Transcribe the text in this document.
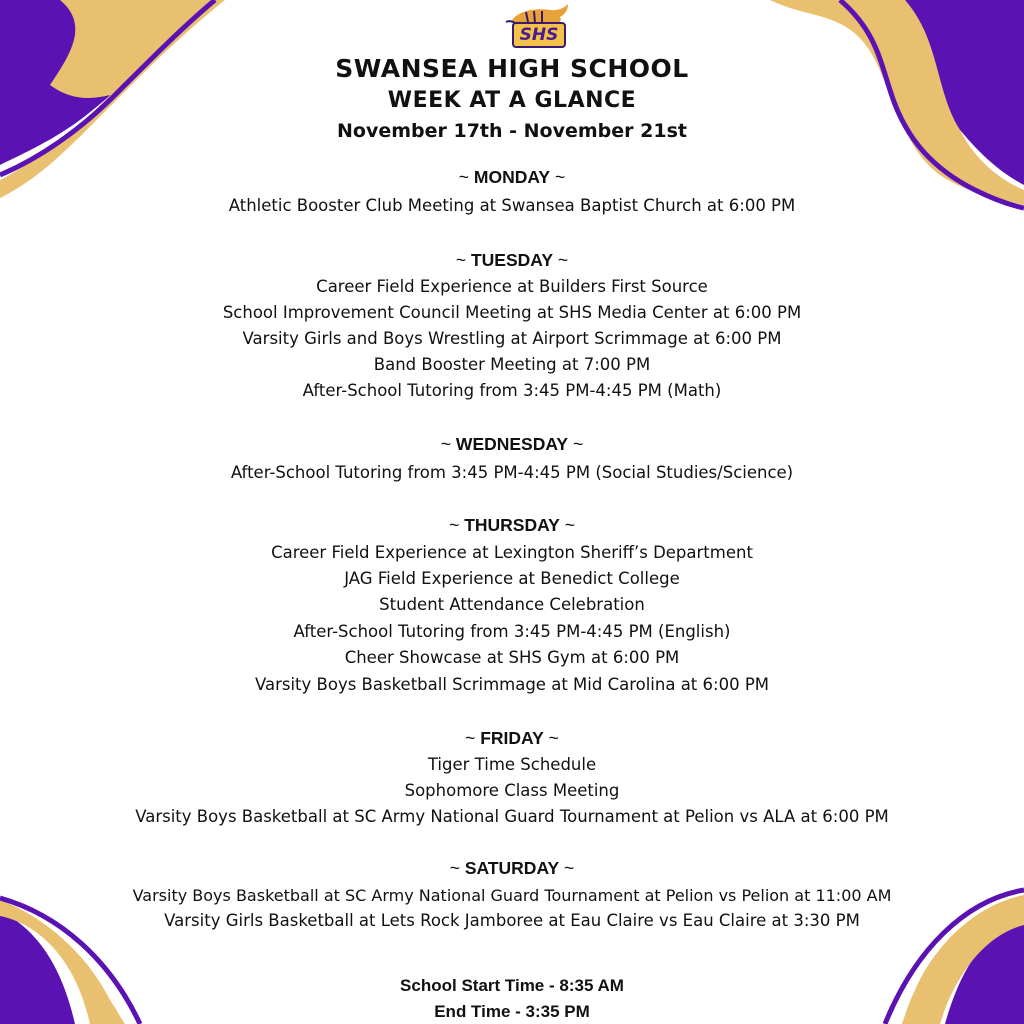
SHS
SWANSEA HIGH SCHOOL
WEEK AT A GLANCE
November 17th - November 21st
~ MONDAY ~
Athletic Booster Club Meeting at Swansea Baptist Church at 6:00 PM
~ TUESDAY ~
Career Field Experience at Builders First Source
School Improvement Council Meeting at SHS Media Center at 6:00 PM
Varsity Girls and Boys Wrestling at Airport Scrimmage at 6:00 PM
Band Booster Meeting at 7:00 PM
After-School Tutoring from 3:45 PM-4:45 PM (Math)
~ WEDNESDAY ~
After-School Tutoring from 3:45 PM-4:45 PM (Social Studies/Science)
~ THURSDAY ~
Career Field Experience at Lexington Sheriff’s Department
JAG Field Experience at Benedict College
Student Attendance Celebration
After-School Tutoring from 3:45 PM-4:45 PM (English)
Cheer Showcase at SHS Gym at 6:00 PM
Varsity Boys Basketball Scrimmage at Mid Carolina at 6:00 PM
~ FRIDAY ~
Tiger Time Schedule
Sophomore Class Meeting
Varsity Boys Basketball at SC Army National Guard Tournament at Pelion vs ALA at 6:00 PM
~ SATURDAY ~
Varsity Boys Basketball at SC Army National Guard Tournament at Pelion vs Pelion at 11:00 AM
Varsity Girls Basketball at Lets Rock Jamboree at Eau Claire vs Eau Claire at 3:30 PM
School Start Time - 8:35 AM
End Time - 3:35 PM
